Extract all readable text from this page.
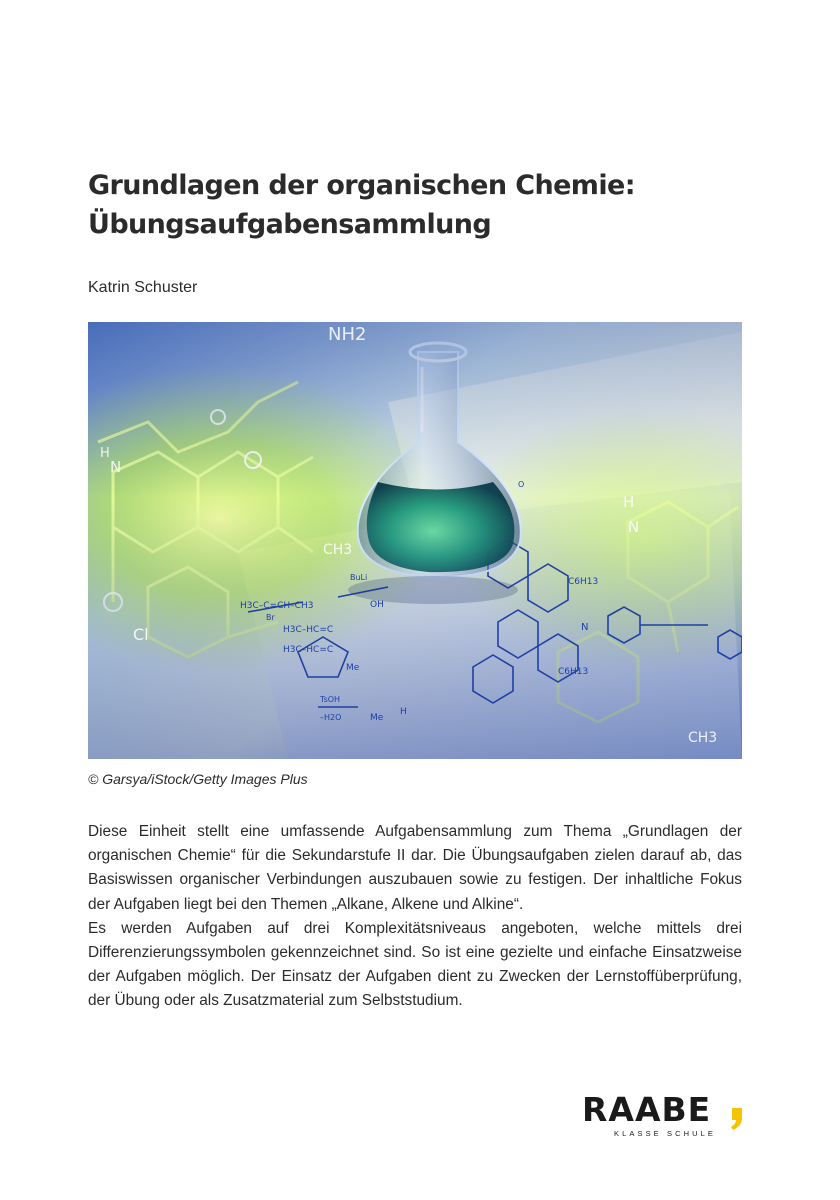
Grundlagen der organischen Chemie:
Übungsaufgabensammlung
Katrin Schuster
NH2
N
H
Cl
CH3
H
N
CH3
H3C–C=CH–CH3
Br
BuLi
H3C–HC=C
H3C–HC=C
OH
Me
Me
H
TsOH
–H2O
C6H13
C6H13
N
O
© Garsya/iStock/Getty Images Plus

Diese Einheit stellt eine umfassende Aufgabensammlung zum Thema „Grundlagen der organischen Chemie“ für die Sekundarstufe II dar. Die Übungsaufgaben zielen darauf ab, das Basiswissen organischer Verbindungen auszubauen sowie zu festigen. Der inhaltliche Fokus der Aufgaben liegt bei den Themen „Alkane, Alkene und Alkine“.

Es werden Aufgaben auf drei Komplexitätsniveaus angeboten, welche mittels drei Differenzierungssymbolen gekennzeichnet sind. So ist eine gezielte und einfache Einsatzweise der Aufgaben möglich. Der Einsatz der Aufgaben dient zu Zwecken der Lernstoffüberprüfung, der Übung oder als Zusatzmaterial zum Selbststudium.

RAABE
KLASSE SCHULE
